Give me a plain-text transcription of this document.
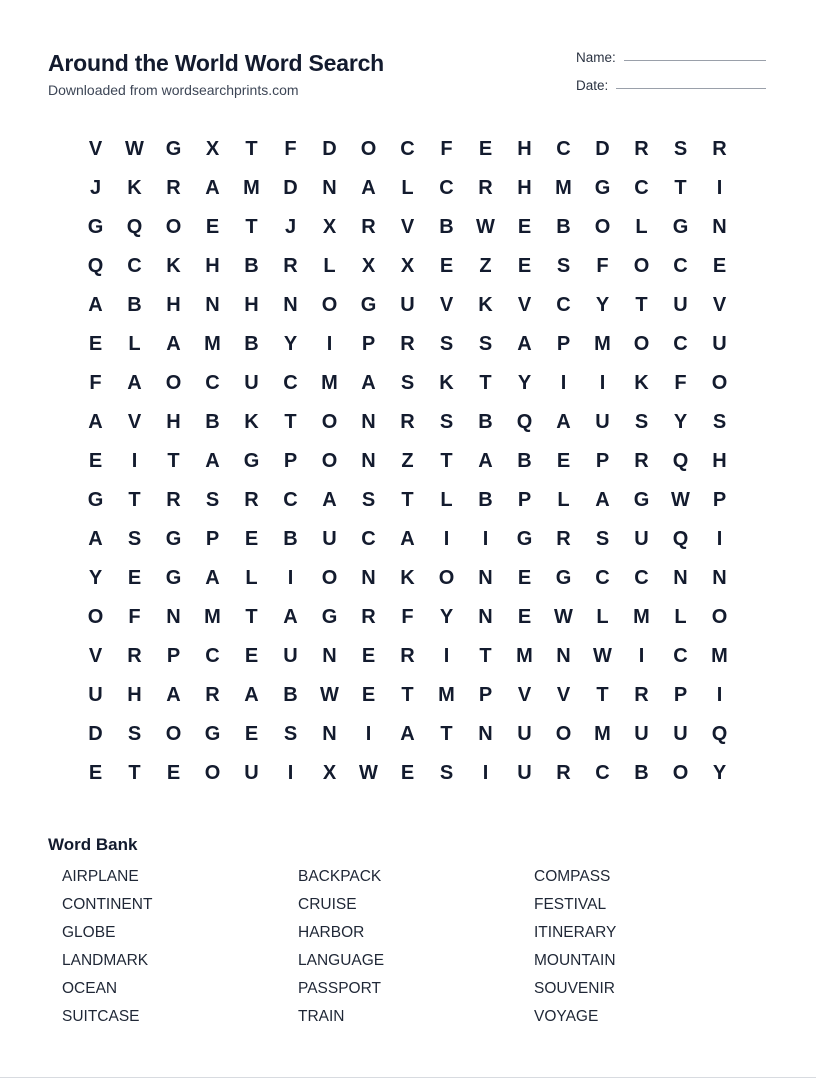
Around the World Word Search
Downloaded from wordsearchprints.com
Name:
Date:
V	W	G	X	T	F	D	O	C	F	E	H	C	D	R	S	R
J	K	R	A	M	D	N	A	L	C	R	H	M	G	C	T	I
G	Q	O	E	T	J	X	R	V	B	W	E	B	O	L	G	N
Q	C	K	H	B	R	L	X	X	E	Z	E	S	F	O	C	E
A	B	H	N	H	N	O	G	U	V	K	V	C	Y	T	U	V
E	L	A	M	B	Y	I	P	R	S	S	A	P	M	O	C	U
F	A	O	C	U	C	M	A	S	K	T	Y	I	I	K	F	O
A	V	H	B	K	T	O	N	R	S	B	Q	A	U	S	Y	S
E	I	T	A	G	P	O	N	Z	T	A	B	E	P	R	Q	H
G	T	R	S	R	C	A	S	T	L	B	P	L	A	G	W	P
A	S	G	P	E	B	U	C	A	I	I	G	R	S	U	Q	I
Y	E	G	A	L	I	O	N	K	O	N	E	G	C	C	N	N
O	F	N	M	T	A	G	R	F	Y	N	E	W	L	M	L	O
V	R	P	C	E	U	N	E	R	I	T	M	N	W	I	C	M
U	H	A	R	A	B	W	E	T	M	P	V	V	T	R	P	I
D	S	O	G	E	S	N	I	A	T	N	U	O	M	U	U	Q
E	T	E	O	U	I	X	W	E	S	I	U	R	C	B	O	Y
Word Bank
AIRPLANE	BACKPACK	COMPASS
CONTINENT	CRUISE	FESTIVAL
GLOBE	HARBOR	ITINERARY
LANDMARK	LANGUAGE	MOUNTAIN
OCEAN	PASSPORT	SOUVENIR
SUITCASE	TRAIN	VOYAGE
